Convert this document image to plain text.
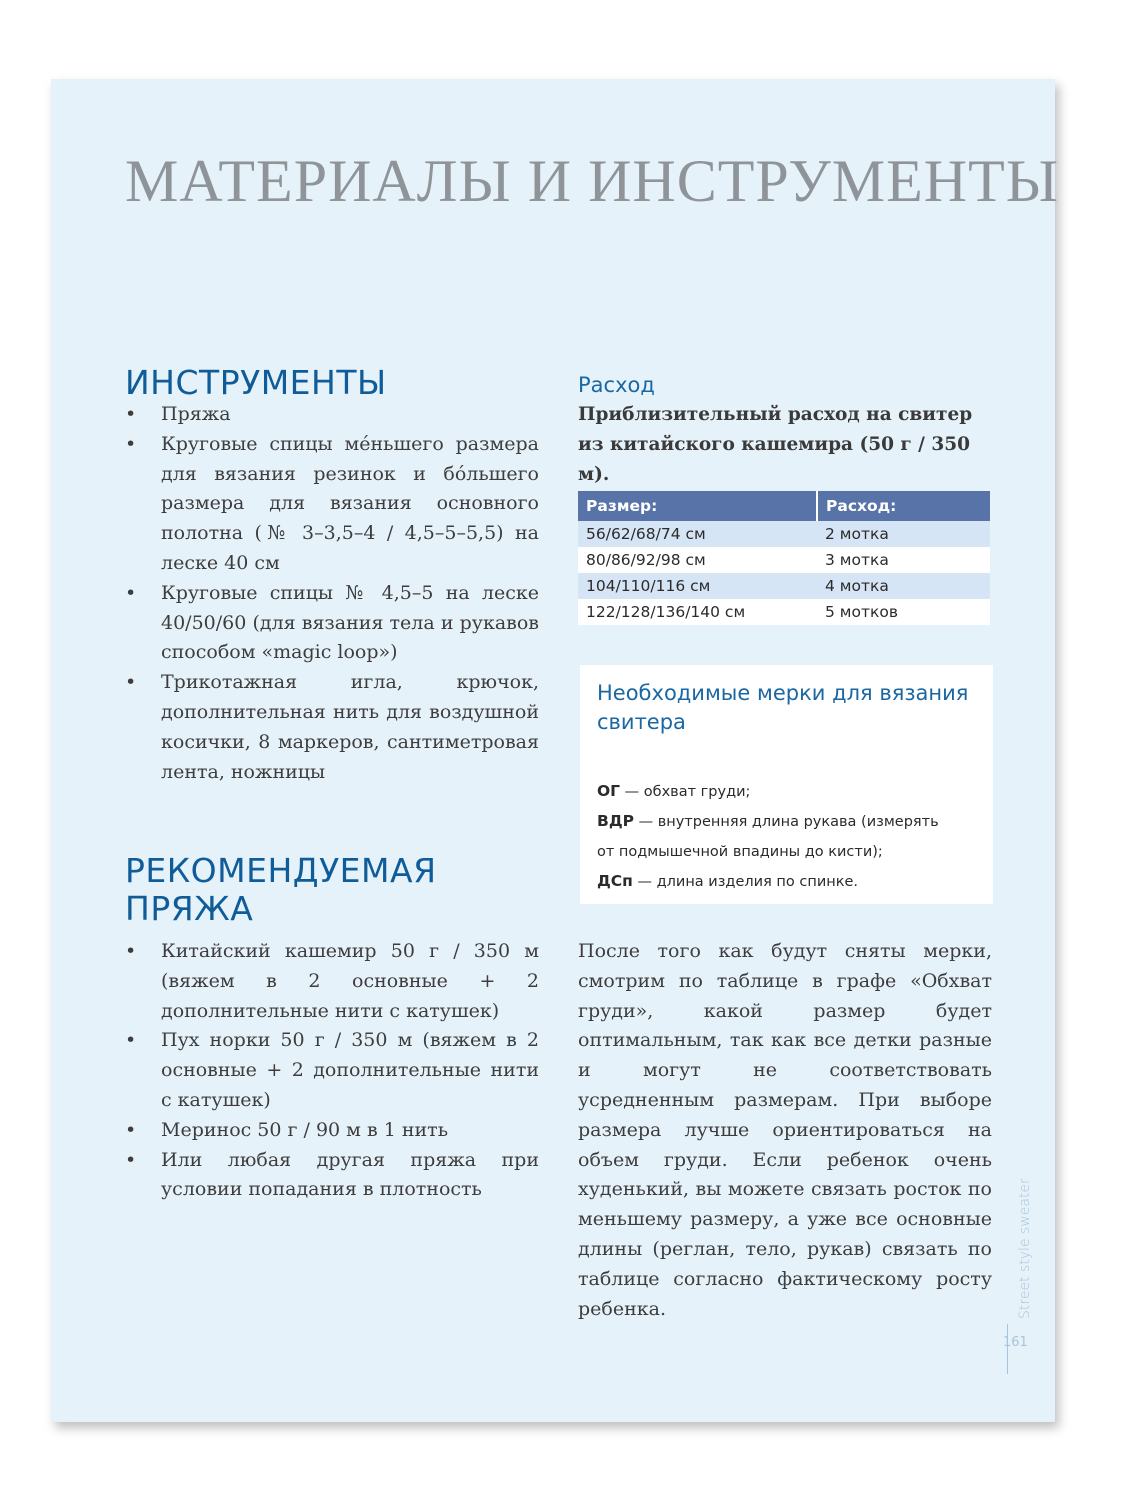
МАТЕРИАЛЫ И ИНСТРУМЕНТЫ
ИНСТРУМЕНТЫ
• Пряжа
• Круговые спицы ме́ньшего размера для вязания резинок и бо́льшего размера для вязания основного полотна (№ 3–3,5–4 / 4,5–5–5,5) на леске 40 см
• Круговые спицы № 4,5–5 на леске 40/50/60 (для вязания тела и рукавов способом «magic loop»)
• Трикотажная игла, крючок, дополнительная нить для воздушной косички, 8 маркеров, сантиметровая лента, ножницы
РЕКОМЕНДУЕМАЯ ПРЯЖА
• Китайский кашемир 50 г / 350 м (вяжем в 2 основные + 2 дополнительные нити с катушек)
• Пух норки 50 г / 350 м (вяжем в 2 основные + 2 дополнительные нити с катушек)
• Меринос 50 г / 90 м в 1 нить
• Или любая другая пряжа при условии попадания в плотность
Расход
Приблизительный расход на свитер из китайского кашемира (50 г / 350 м).
Размер:	Расход:
56/62/68/74 см	2 мотка
80/86/92/98 см	3 мотка
104/110/116 см	4 мотка
122/128/136/140 см	5 мотков
Необходимые мерки для вязания свитера
ОГ — обхват груди;
ВДР — внутренняя длина рукава (измерять
от подмышечной впадины до кисти);
ДСп — длина изделия по спинке.
После того как будут сняты мерки, смотрим по таблице в графе «Обхват груди», какой размер будет оптимальным, так как все детки разные и могут не соответствовать усредненным размерам. При выборе размера лучше ориентироваться на объем груди. Если ребенок очень худенький, вы можете связать росток по меньшему размеру, а уже все основные длины (реглан, тело, рукав) связать по таблице согласно фактическому росту ребенка.	Street style sweater
161
